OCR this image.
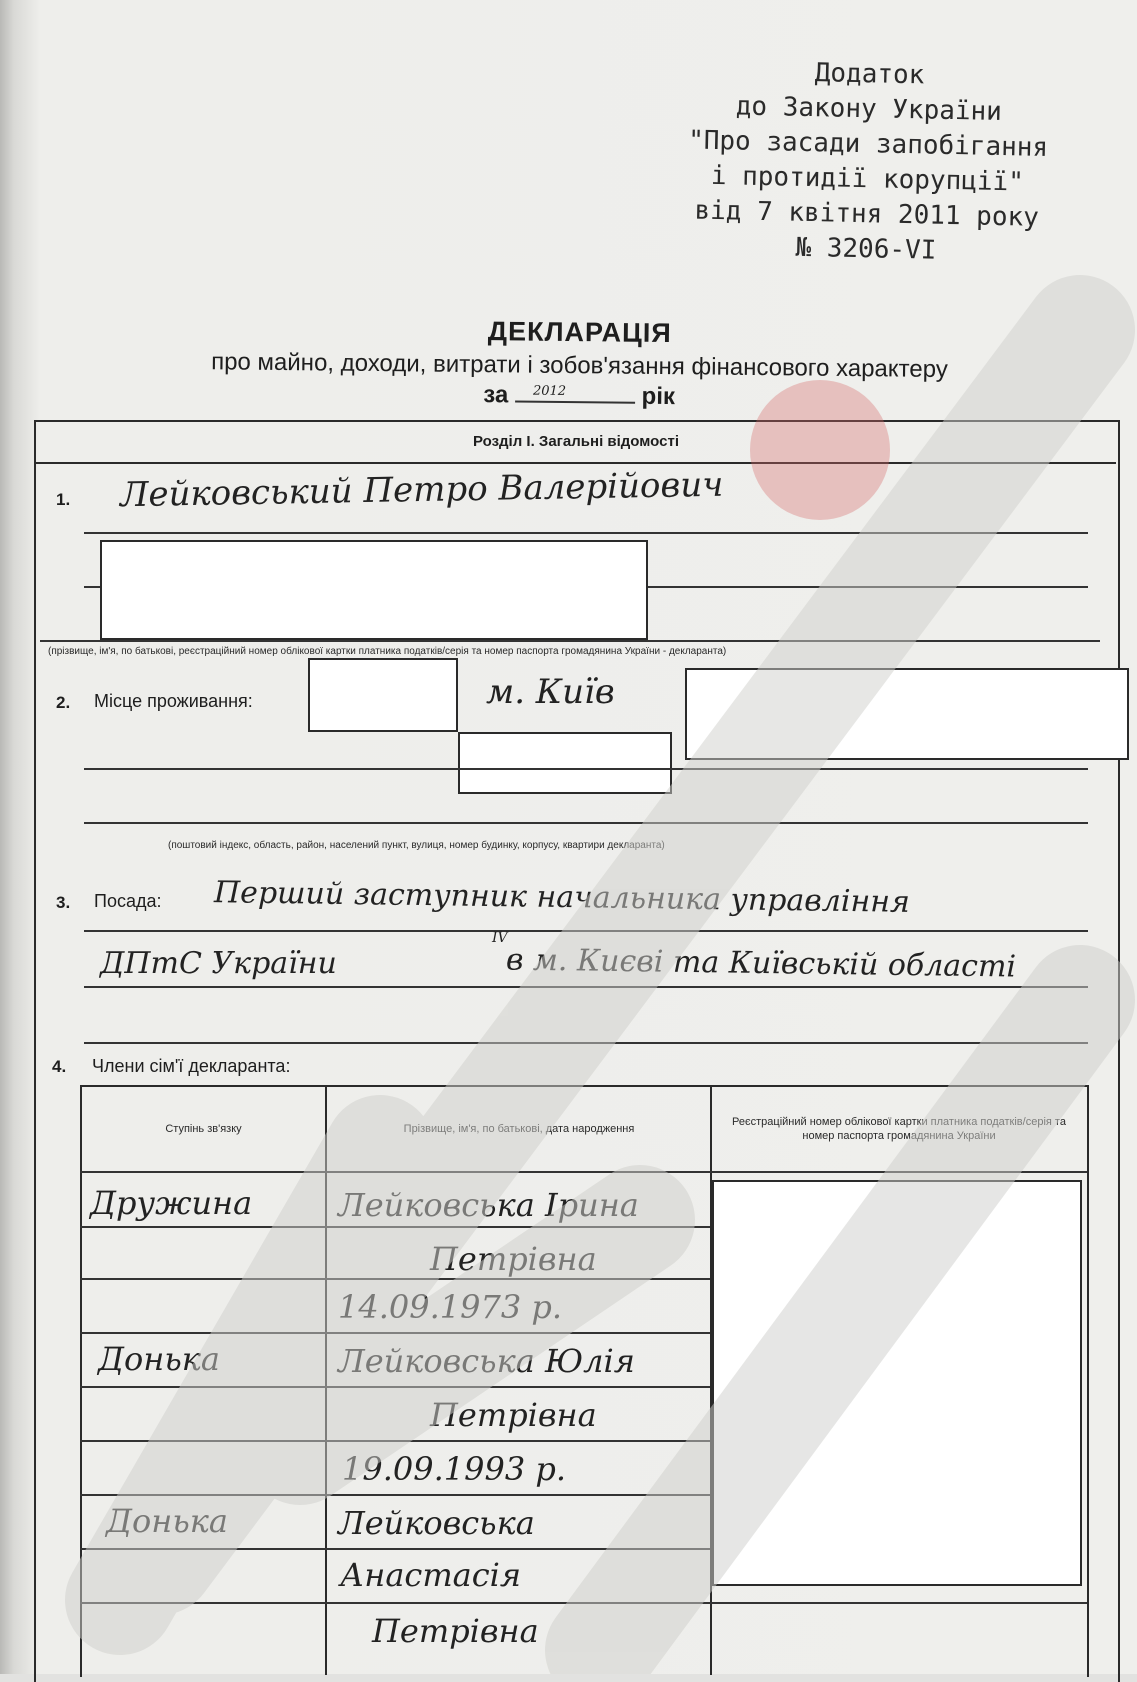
Додаток
до Закону України
"Про засади запобігання
і протидії корупції"
від 7 квітня 2011 року
№ 3206-VI
ДЕКЛАРАЦІЯ
про майно, доходи, витрати і зобов'язання фінансового характеру
за 2012	рік
Розділ І. Загальні відомості
1. Лейковський Петро Валерійович
(прізвище, ім'я, по батькові, реєстраційний номер облікової картки платника податків/серія та номер паспорта громадянина України - декларанта)
2. Місце проживання:	м. Київ
(поштовий індекс, область, район, населений пункт, вулиця, номер будинку, корпусу, квартири декларанта)
3. Посада: Перший заступник начальника управління
ДПтС України	в м. Києві та Київській області
IV
4. Члени сім'ї декларанта:
Ступінь зв'язку	Прізвище, ім'я, по батькові, дата народження
Реєстраційний номер облікової картки платника податків/серія та номер паспорта громадянина України
Дружина	Лейковська Ірина
Петрівна
14.09.1973 р.
Донька	Лейковська Юлія
Петрівна
19.09.1993 р.
Донька	Лейковська
Анастасія
Петрівна
